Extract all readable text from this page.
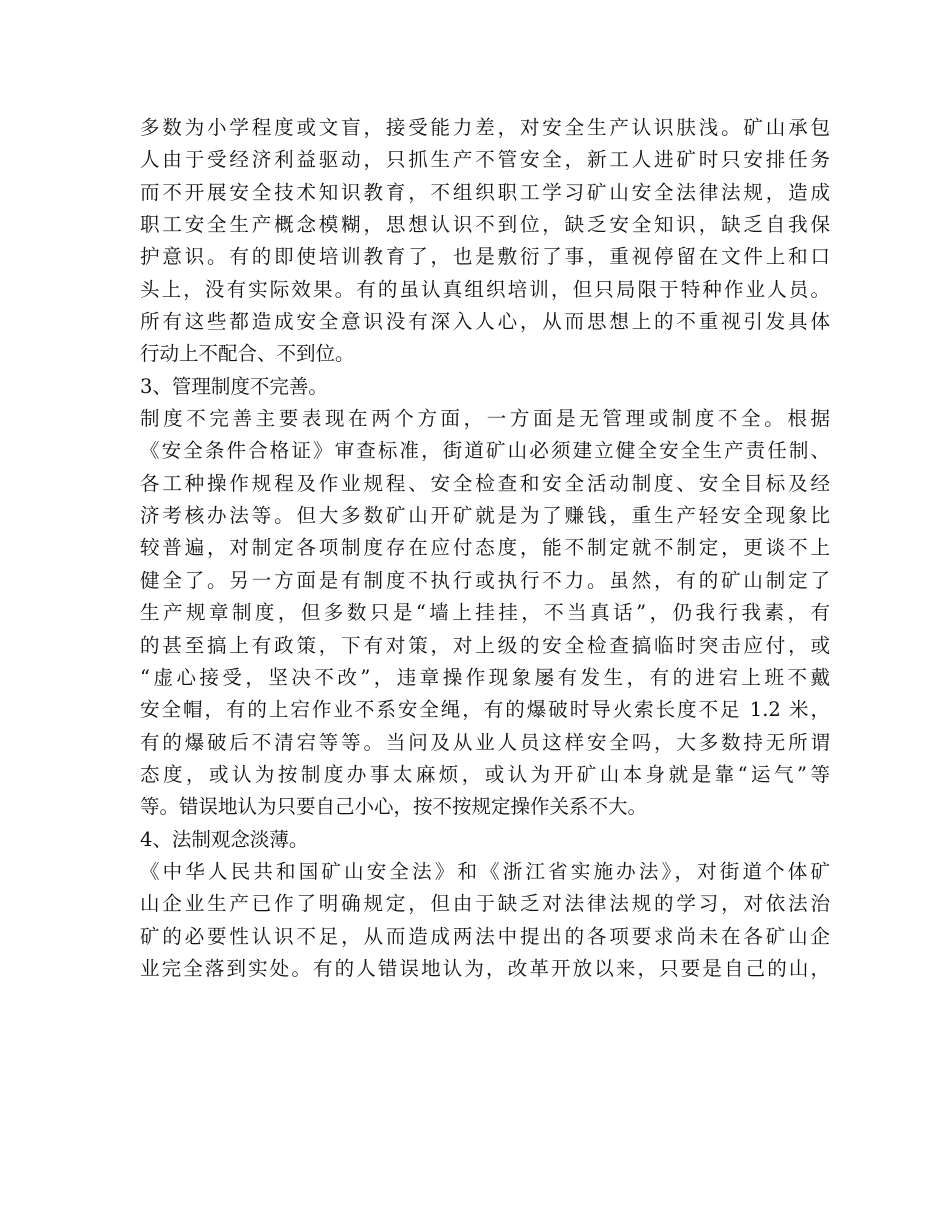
多数为小学程度或文盲，接受能力差，对安全生产认识肤浅。矿山承包
人由于受经济利益驱动，只抓生产不管安全，新工人进矿时只安排任务
而不开展安全技术知识教育，不组织职工学习矿山安全法律法规，造成
职工安全生产概念模糊，思想认识不到位，缺乏安全知识，缺乏自我保
护意识。有的即使培训教育了，也是敷衍了事，重视停留在文件上和口
头上，没有实际效果。有的虽认真组织培训，但只局限于特种作业人员。
所有这些都造成安全意识没有深入人心，从而思想上的不重视引发具体
行动上不配合、不到位。
3、管理制度不完善。
制度不完善主要表现在两个方面，一方面是无管理或制度不全。根据
《安全条件合格证》审查标准，街道矿山必须建立健全安全生产责任制、
各工种操作规程及作业规程、安全检查和安全活动制度、安全目标及经
济考核办法等。但大多数矿山开矿就是为了赚钱，重生产轻安全现象比
较普遍，对制定各项制度存在应付态度，能不制定就不制定，更谈不上
健全了。另一方面是有制度不执行或执行不力。虽然，有的矿山制定了
生产规章制度，但多数只是“墙上挂挂，不当真话”，仍我行我素，有
的甚至搞上有政策，下有对策，对上级的安全检查搞临时突击应付，或
“虚心接受，坚决不改”，违章操作现象屡有发生，有的进宕上班不戴
安全帽，有的上宕作业不系安全绳，有的爆破时导火索长度不足 1.2 米，
有的爆破后不清宕等等。当问及从业人员这样安全吗，大多数持无所谓
态度，或认为按制度办事太麻烦，或认为开矿山本身就是靠“运气”等
等。错误地认为只要自己小心，按不按规定操作关系不大。
4、法制观念淡薄。
《中华人民共和国矿山安全法》和《浙江省实施办法》，对街道个体矿
山企业生产已作了明确规定，但由于缺乏对法律法规的学习，对依法治
矿的必要性认识不足，从而造成两法中提出的各项要求尚未在各矿山企
业完全落到实处。有的人错误地认为，改革开放以来，只要是自己的山，
